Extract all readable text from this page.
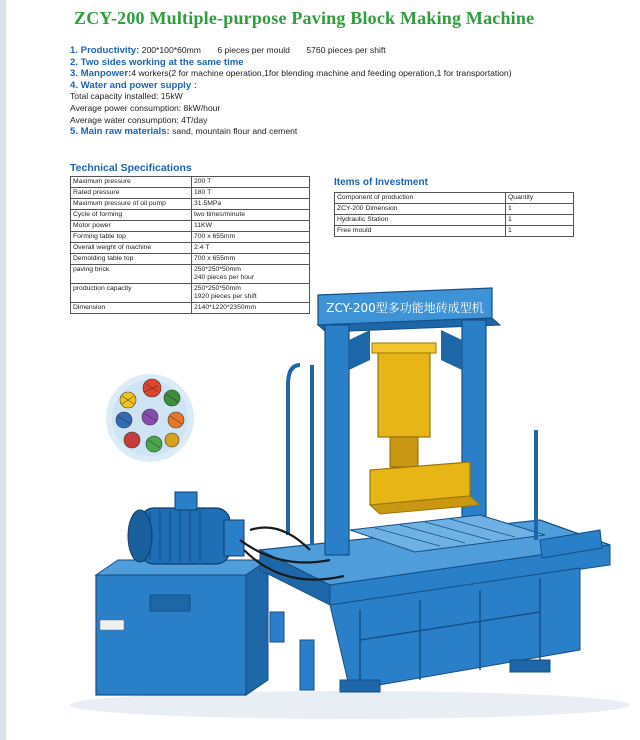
ZCY-200 Multiple-purpose Paving Block Making Machine
1. Productivity: 200*100*60mm 6 pieces per mould 5760 pieces per shift
2. Two sides working at the same time
3. Manpower:4 workers(2 for machine operation,1for blending machine and feeding operation,1 for transportation)
4. Water and power supply :
Total capacity installed: 15kW
Average power consumption: 8kW/hour
Average water consumption: 4T/day
5. Main raw materials: sand, mountain flour and cement
Technical Specifications
Maximum pressure	200 T

Rated pressure	180 T

Maximum pressure of oil pump	31.5MPa

Cycle of forming	two times/minute

Motor power	11KW

Forming table top	700 x 655mm

Overall weight of machine	2.4 T

Demolding table top	700 x 655mm

paving brick	250*250*50mm
240 pieces per hour

production capacity	250*250*50mm
1920 pieces per shift

Dimension	2140*1220*2350mm
Items of Investment
Component of production	Quantity
ZCY-200 Dimension	1
Hydraulic Station	1
Free mould	1
ZCY-200型多功能地砖成型机
